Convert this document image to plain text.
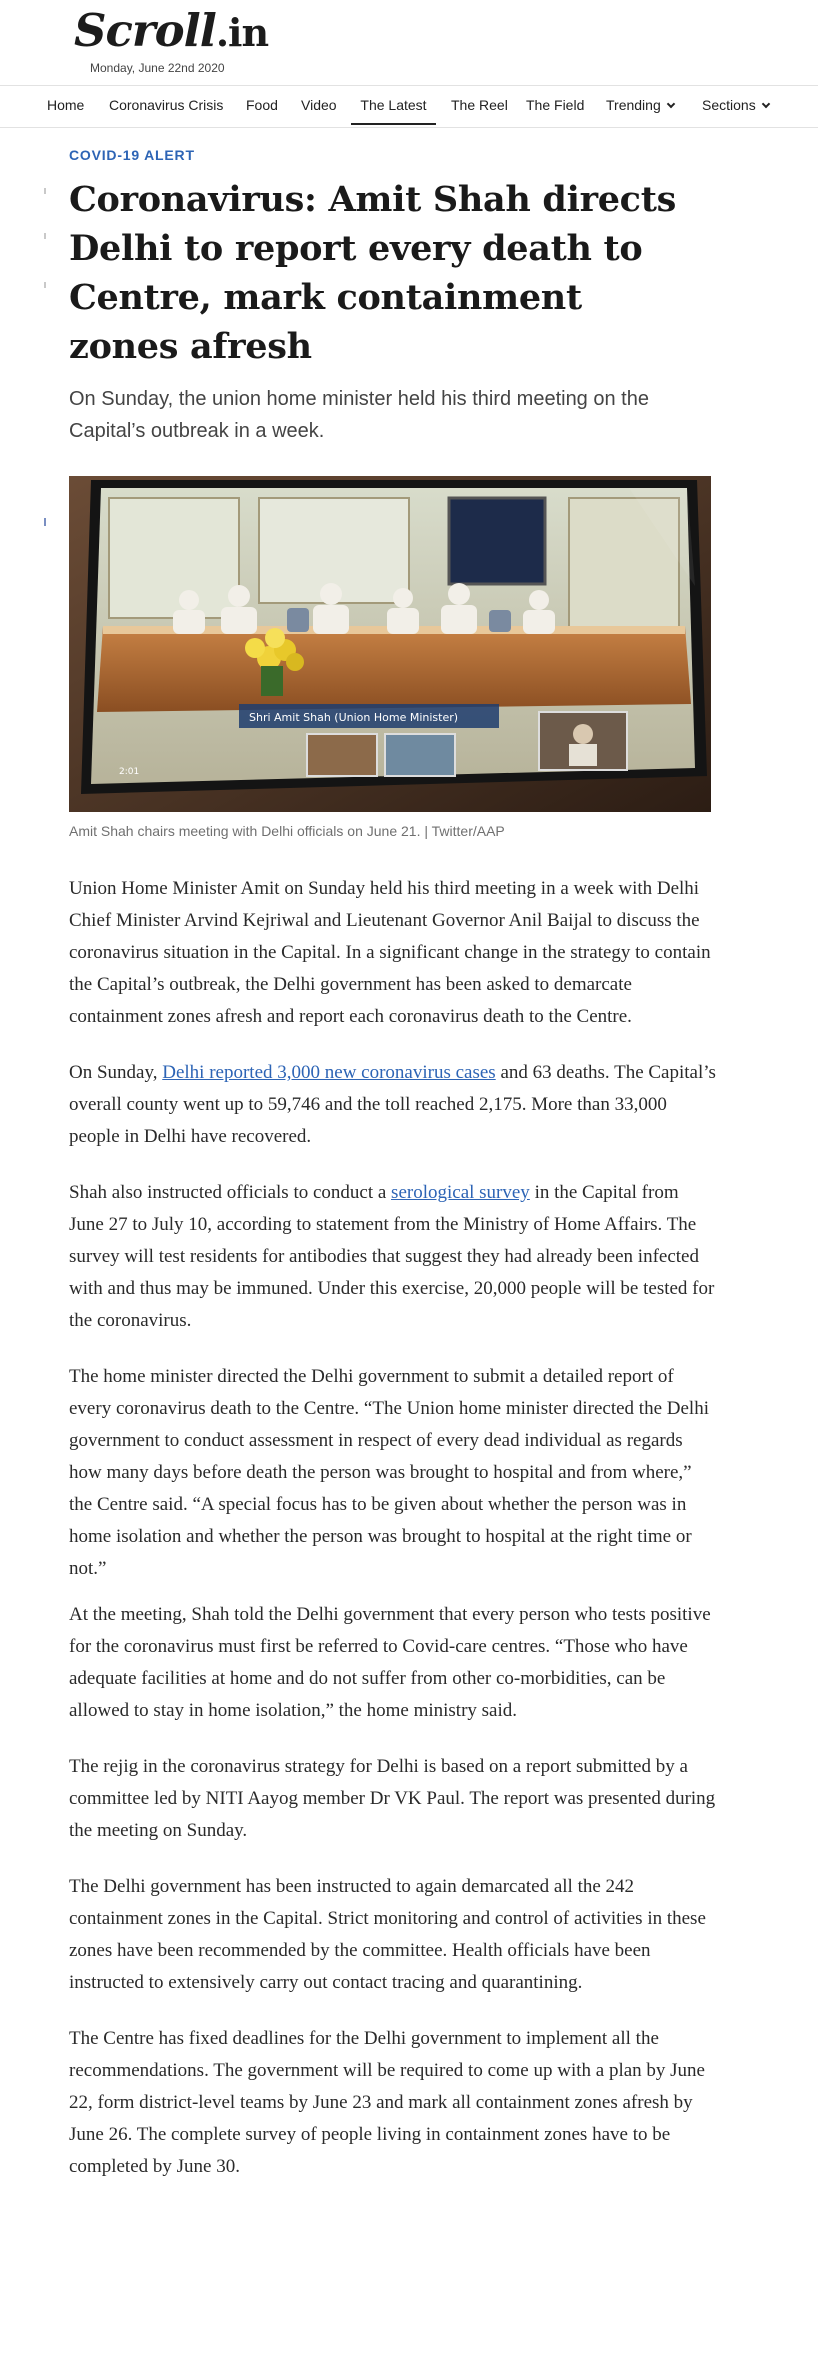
Scroll.in
Monday, June 22nd 2020
Home Coronavirus Crisis Food Video	The Latest	The Reel The Field Trending	Sections
COVID-19 ALERT
Coronavirus: Amit Shah directs Delhi to report every death to Centre, mark containment zones afresh
On Sunday, the union home minister held his third meeting on the Capital’s outbreak in a week.
Shri Amit Shah (Union Home Minister)
2:01
Amit Shah chairs meeting with Delhi officials on June 21. | Twitter/AAP

Union Home Minister Amit on Sunday held his third meeting in a week with Delhi Chief Minister Arvind Kejriwal and Lieutenant Governor Anil Baijal to discuss the coronavirus situation in the Capital. In a significant change in the strategy to contain the Capital’s outbreak, the Delhi government has been asked to demarcate containment zones afresh and report each coronavirus death to the Centre.

On Sunday, Delhi reported 3,000 new coronavirus cases and 63 deaths. The Capital’s overall county went up to 59,746 and the toll reached 2,175. More than 33,000 people in Delhi have recovered.

Shah also instructed officials to conduct a serological survey in the Capital from June 27 to July 10, according to statement from the Ministry of Home Affairs. The survey will test residents for antibodies that suggest they had already been infected with and thus may be immuned. Under this exercise, 20,000 people will be tested for the coronavirus.

The home minister directed the Delhi government to submit a detailed report of every coronavirus death to the Centre. “The Union home minister directed the Delhi government to conduct assessment in respect of every dead individual as regards how many days before death the person was brought to hospital and from where,” the Centre said. “A special focus has to be given about whether the person was in home isolation and whether the person was brought to hospital at the right time or not.”

At the meeting, Shah told the Delhi government that every person who tests positive for the coronavirus must first be referred to Covid-care centres. “Those who have adequate facilities at home and do not suffer from other co-morbidities, can be allowed to stay in home isolation,” the home ministry said.

The rejig in the coronavirus strategy for Delhi is based on a report submitted by a committee led by NITI Aayog member Dr VK Paul. The report was presented during the meeting on Sunday.

The Delhi government has been instructed to again demarcated all the 242 containment zones in the Capital. Strict monitoring and control of activities in these zones have been recommended by the committee. Health officials have been instructed to extensively carry out contact tracing and quarantining.

The Centre has fixed deadlines for the Delhi government to implement all the recommendations. The government will be required to come up with a plan by June 22, form district-level teams by June 23 and mark all containment zones afresh by June 26. The complete survey of people living in containment zones have to be completed by June 30.
